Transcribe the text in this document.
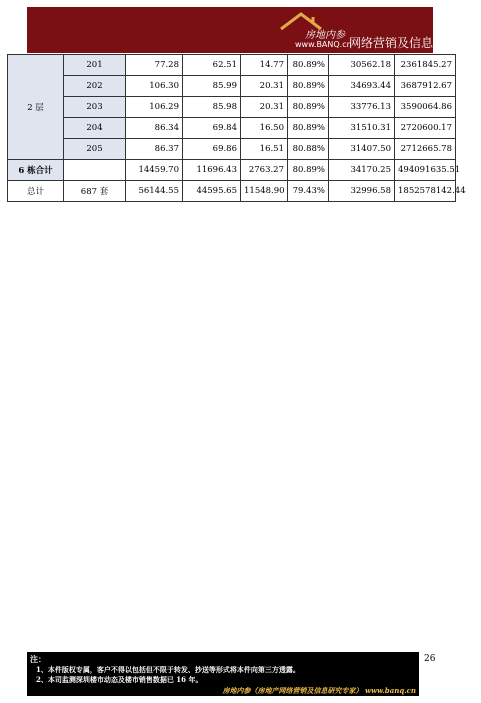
房地内参
www.BANQ.cn
网络营销及信息研究专家
2 层	201	77.28	62.51	14.77	80.89%	30562.18	2361845.27
	202	106.30	85.99	20.31	80.89%	34693.44	3687912.67
	203	106.29	85.98	20.31	80.89%	33776.13	3590064.86
	204	86.34	69.84	16.50	80.89%	31510.31	2720600.17
	205	86.37	69.86	16.51	80.88%	31407.50	2712665.78
6 栋合计		14459.70	11696.43	2763.27	80.89%	34170.25	494091635.51
总计	687 套	56144.55	44595.65	11548.90	79.43%	32996.58	1852578142.44
26
注：
1、本件版权专属，客户不得以包括但不限于转发、抄送等形式将本件向第三方透露。
2、本司监测深圳楼市动态及楼市销售数据已 16 年。
房地内参（房地产网络营销及信息研究专家） www.banq.cn
